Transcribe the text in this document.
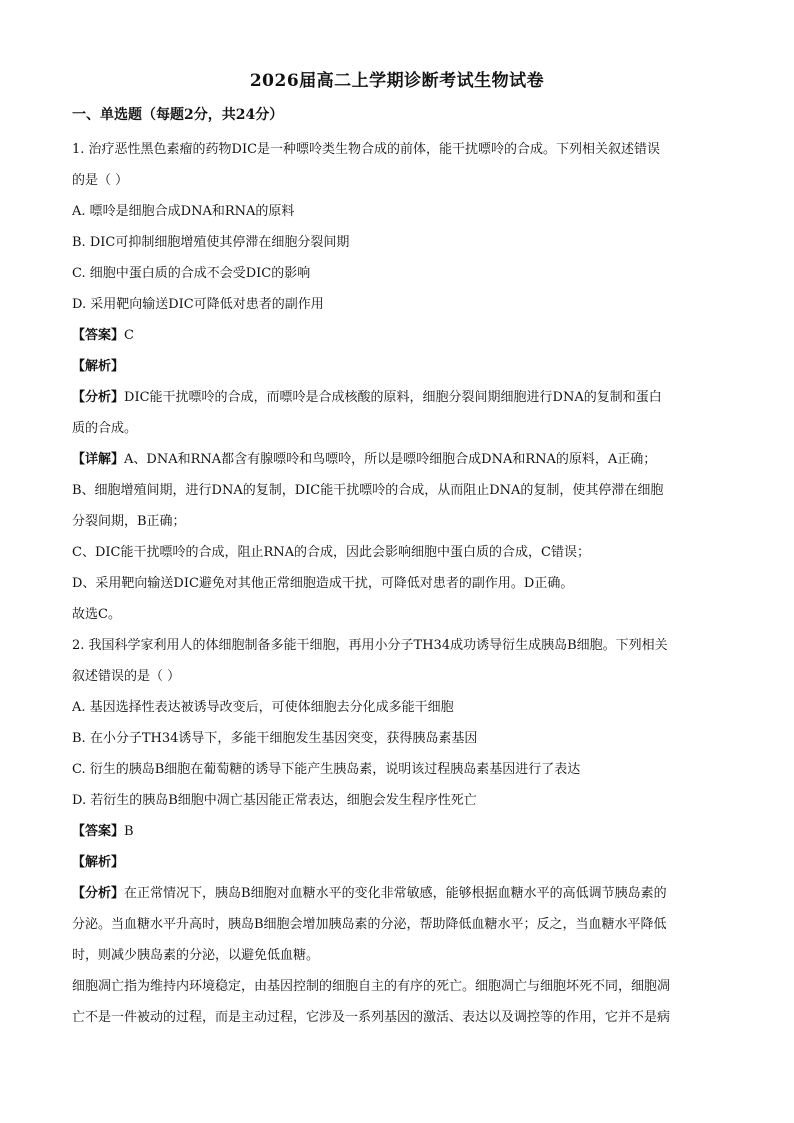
2026届高二上学期诊断考试生物试卷
一、单选题（每题2分，共24分）
1. 治疗恶性黑色素瘤的药物DIC是一种嘌呤类生物合成的前体，能干扰嘌呤的合成。下列相关叙述错误
的是（ ）
A. 嘌呤是细胞合成DNA和RNA的原料
B. DIC可抑制细胞增殖使其停滞在细胞分裂间期
C. 细胞中蛋白质的合成不会受DIC的影响
D. 采用靶向输送DIC可降低对患者的副作用
【答案】C
【解析】
【分析】DIC能干扰嘌呤的合成，而嘌呤是合成核酸的原料，细胞分裂间期细胞进行DNA的复制和蛋白
质的合成。
【详解】A、DNA和RNA都含有腺嘌呤和鸟嘌呤，所以是嘌呤细胞合成DNA和RNA的原料，A正确；
B、细胞增殖间期，进行DNA的复制，DIC能干扰嘌呤的合成，从而阻止DNA的复制，使其停滞在细胞
分裂间期，B正确；
C、DIC能干扰嘌呤的合成，阻止RNA的合成，因此会影响细胞中蛋白质的合成，C错误；
D、采用靶向输送DIC避免对其他正常细胞造成干扰，可降低对患者的副作用。D正确。
故选C。
2. 我国科学家利用人的体细胞制备多能干细胞，再用小分子TH34成功诱导衍生成胰岛B细胞。下列相关
叙述错误的是（ ）
A. 基因选择性表达被诱导改变后，可使体细胞去分化成多能干细胞
B. 在小分子TH34诱导下，多能干细胞发生基因突变，获得胰岛素基因
C. 衍生的胰岛B细胞在葡萄糖的诱导下能产生胰岛素，说明该过程胰岛素基因进行了表达
D. 若衍生的胰岛B细胞中凋亡基因能正常表达，细胞会发生程序性死亡
【答案】B
【解析】
【分析】在正常情况下，胰岛B细胞对血糖水平的变化非常敏感，能够根据血糖水平的高低调节胰岛素的
分泌。当血糖水平升高时，胰岛B细胞会增加胰岛素的分泌，帮助降低血糖水平；反之，当血糖水平降低
时，则减少胰岛素的分泌，以避免低血糖。
细胞凋亡指为维持内环境稳定，由基因控制的细胞自主的有序的死亡。细胞凋亡与细胞坏死不同，细胞凋
亡不是一件被动的过程，而是主动过程，它涉及一系列基因的激活、表达以及调控等的作用，它并不是病
